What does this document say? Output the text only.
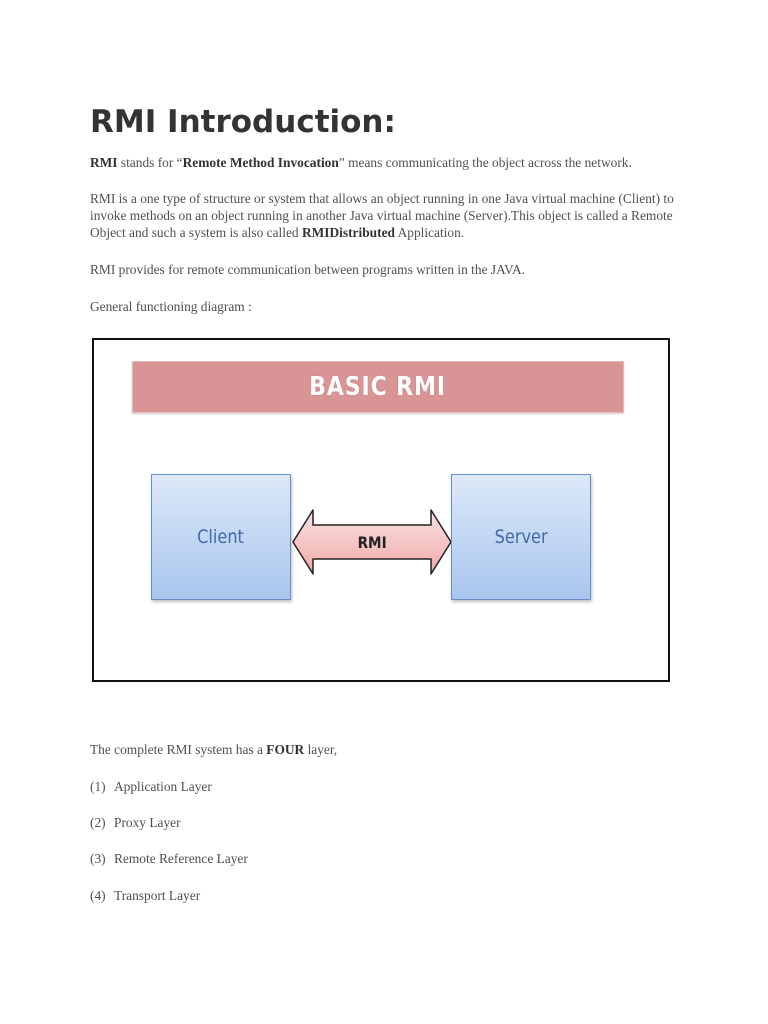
RMI Introduction:

RMI stands for “Remote Method Invocation” means communicating the object across the network.

RMI is a one type of structure or system that allows an object running in one Java virtual machine (Client) to invoke methods on an object running in another Java virtual machine (Server).This object is called a Remote Object and such a system is also called RMIDistributed Application.

RMI provides for remote communication between programs written in the JAVA.

General functioning diagram :

BASIC RMI
Client	RMI	Server

The complete RMI system has a FOUR layer,

(1) Application Layer

(2) Proxy Layer

(3) Remote Reference Layer

(4) Transport Layer
